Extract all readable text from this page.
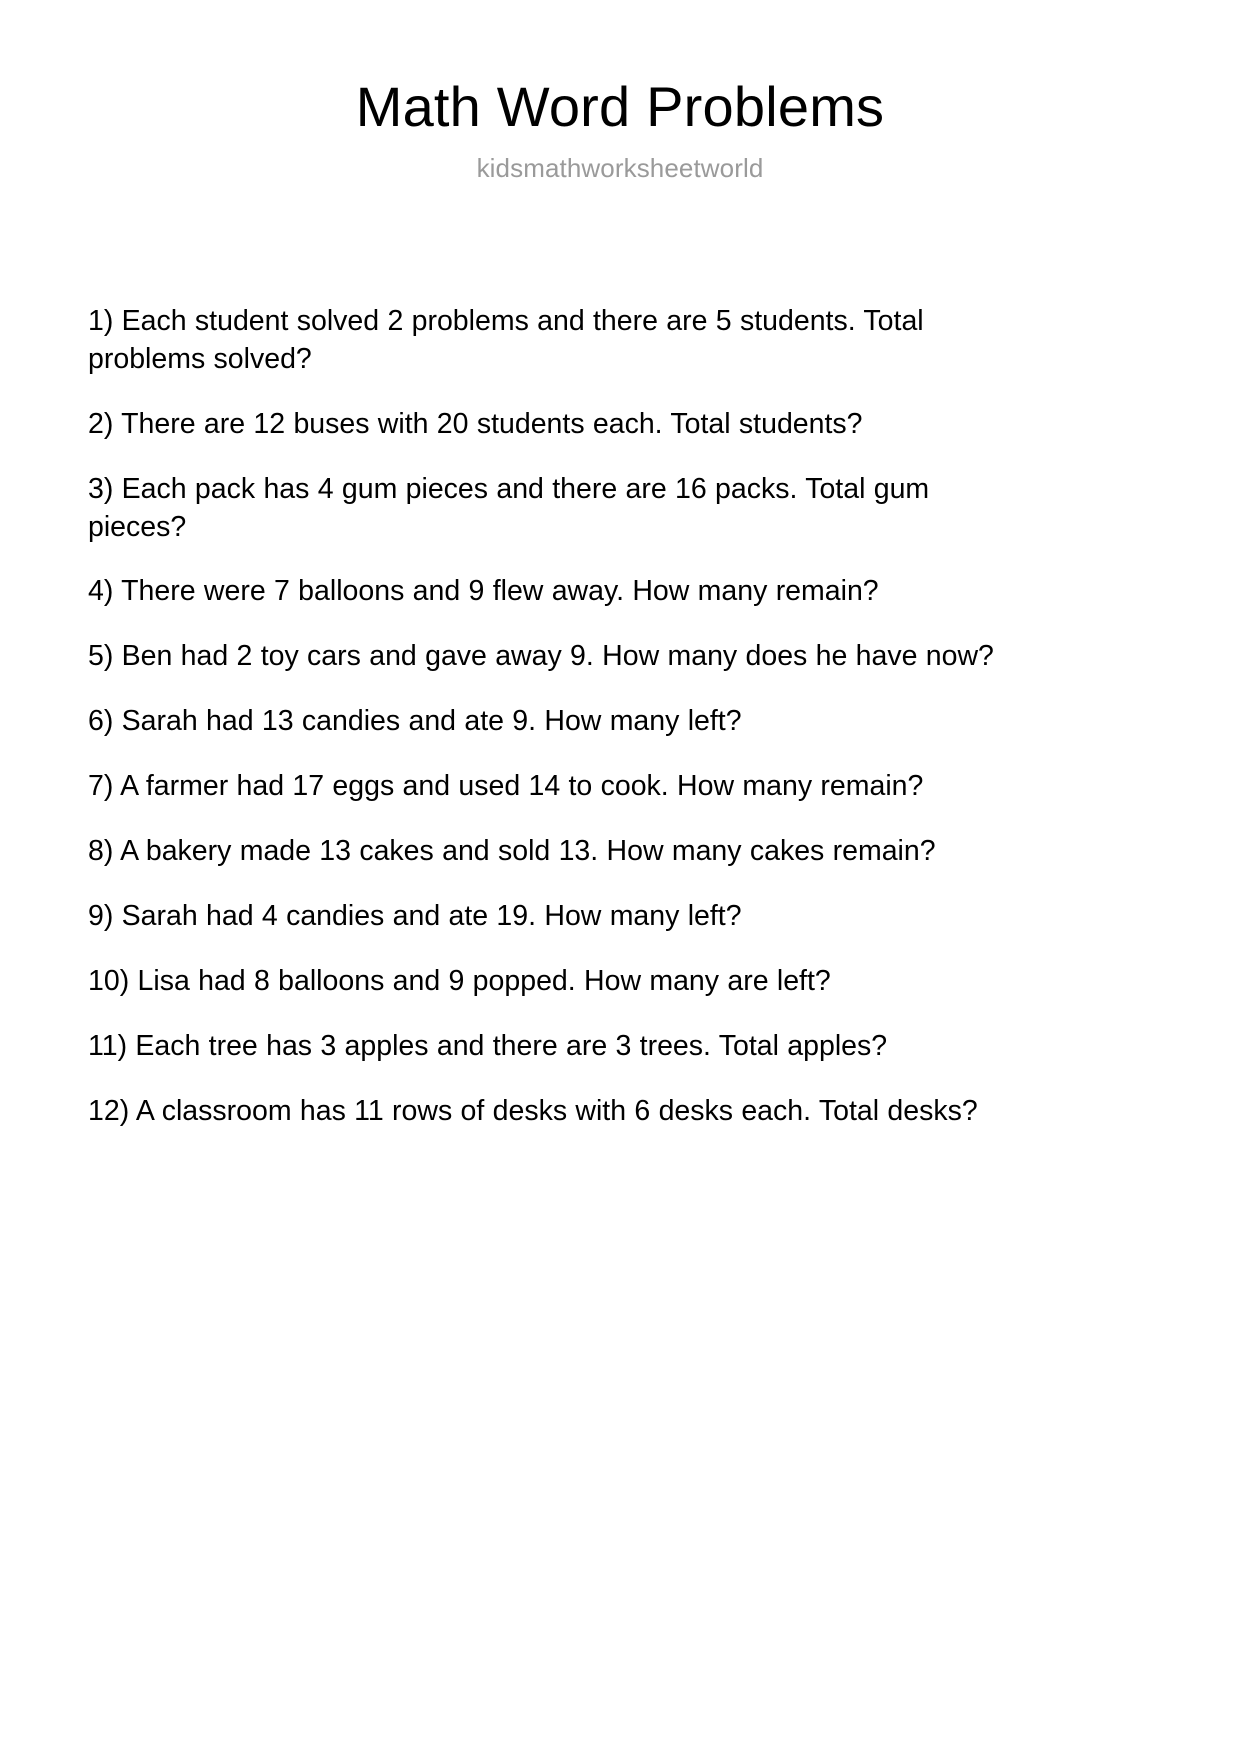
Math Word Problems

kidsmathworksheetworld

1) Each student solved 2 problems and there are 5 students. Total problems solved?
2) There are 12 buses with 20 students each. Total students?
3) Each pack has 4 gum pieces and there are 16 packs. Total gum pieces?
4) There were 7 balloons and 9 flew away. How many remain?
5) Ben had 2 toy cars and gave away 9. How many does he have now?
6) Sarah had 13 candies and ate 9. How many left?
7) A farmer had 17 eggs and used 14 to cook. How many remain?
8) A bakery made 13 cakes and sold 13. How many cakes remain?
9) Sarah had 4 candies and ate 19. How many left?
10) Lisa had 8 balloons and 9 popped. How many are left?
11) Each tree has 3 apples and there are 3 trees. Total apples?
12) A classroom has 11 rows of desks with 6 desks each. Total desks?
